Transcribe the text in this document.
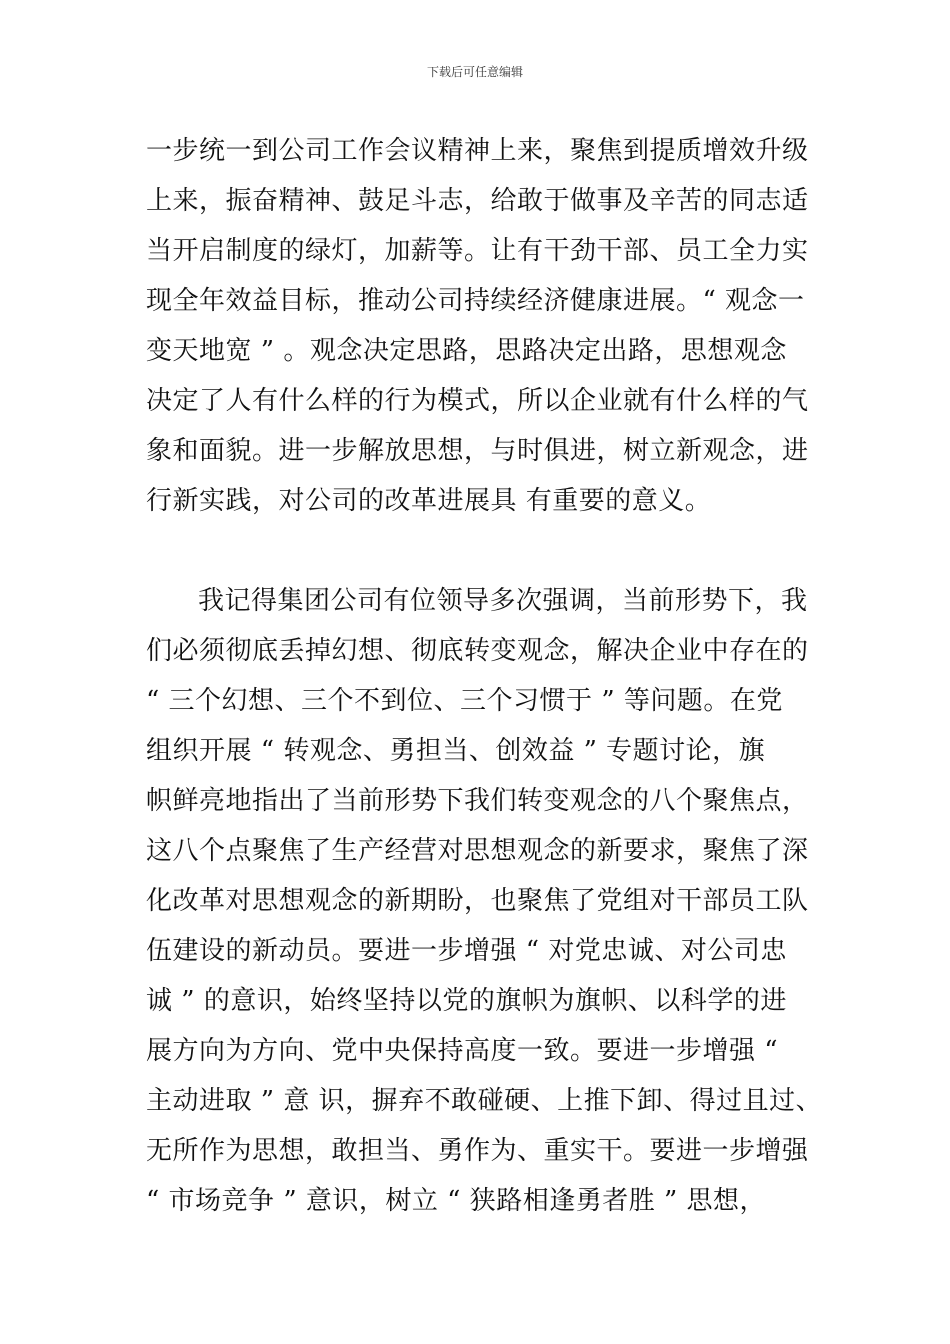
下载后可任意编辑
一步统一到公司工作会议精神上来，聚焦到提质增效升级
上来，振奋精神、鼓足斗志，给敢于做事及辛苦的同志适
当开启制度的绿灯，加薪等。让有干劲干部、员工全力实
现全年效益目标，推动公司持续经济健康进展。“ 观念一
变天地宽 ” 。观念决定思路，思路决定出路，思想观念
决定了人有什么样的行为模式，所以企业就有什么样的气
象和面貌。进一步解放思想，与时俱进，树立新观念，进
行新实践，对公司的改革进展具 有重要的意义。
我记得集团公司有位领导多次强调，当前形势下，我
们必须彻底丢掉幻想、彻底转变观念，解决企业中存在的
“ 三个幻想、三个不到位、三个习惯于 ” 等问题。在党
组织开展 “ 转观念、勇担当、创效益 ” 专题讨论，旗
帜鲜亮地指出了当前形势下我们转变观念的八个聚焦点，
这八个点聚焦了生产经营对思想观念的新要求，聚焦了深
化改革对思想观念的新期盼，也聚焦了党组对干部员工队
伍建设的新动员。要进一步增强 “ 对党忠诚、对公司忠
诚 ” 的意识，始终坚持以党的旗帜为旗帜、以科学的进
展方向为方向、党中央保持高度一致。要进一步增强 “
主动进取 ” 意 识，摒弃不敢碰硬、上推下卸、得过且过、
无所作为思想，敢担当、勇作为、重实干。要进一步增强
“ 市场竞争 ” 意识，树立 “ 狭路相逢勇者胜 ” 思想，
